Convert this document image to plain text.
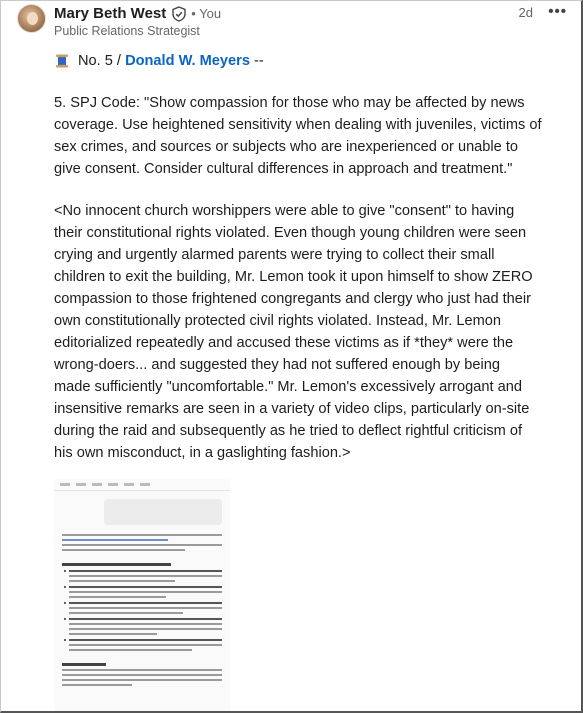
Mary Beth West • You
Public Relations Strategist
2d •••
No. 5 /
Donald W. Meyers
--

5. SPJ Code: "Show compassion for those who may be affected by news

coverage. Use heightened sensitivity when dealing with juveniles, victims of

sex crimes, and sources or subjects who are inexperienced or unable to

give consent. Consider cultural differences in approach and treatment."

<No innocent church worshippers were able to give "consent" to having

their constitutional rights violated. Even though young children were seen

crying and urgently alarmed parents were trying to collect their small

children to exit the building, Mr. Lemon took it upon himself to show ZERO

compassion to those frightened congregants and clergy who just had their

own constitutionally protected civil rights violated. Instead, Mr. Lemon

editorialized repeatedly and accused these victims as if *they* were the

wrong-doers... and suggested they had not suffered enough by being

made sufficiently "uncomfortable." Mr. Lemon's excessively arrogant and

insensitive remarks are seen in a variety of video clips, particularly on-site

during the raid and subsequently as he tried to deflect rightful criticism of

his own misconduct, in a gaslighting fashion.>
